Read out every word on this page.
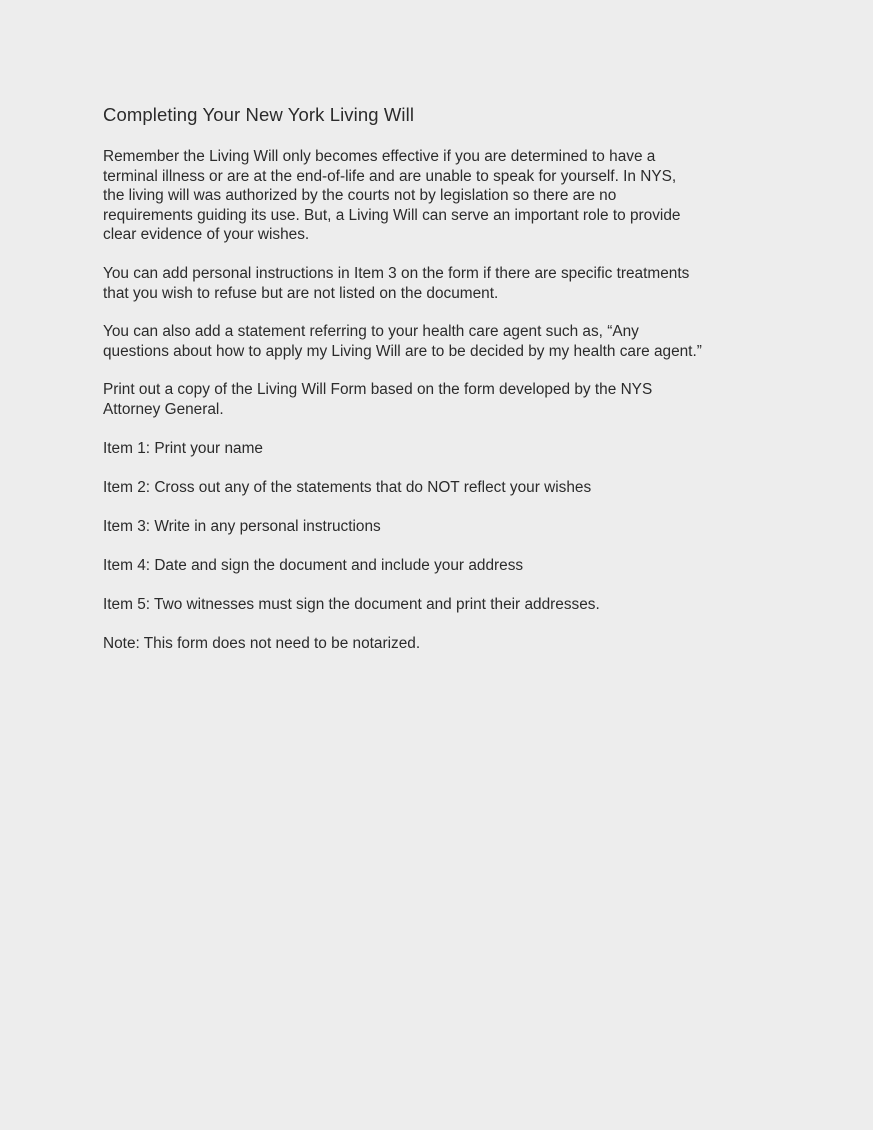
Completing Your New York Living Will
Remember the Living Will only becomes effective if you are determined to have a
terminal illness or are at the end-of-life and are unable to speak for yourself. In NYS,
the living will was authorized by the courts not by legislation so there are no
requirements guiding its use. But, a Living Will can serve an important role to provide
clear evidence of your wishes.
You can add personal instructions in Item 3 on the form if there are specific treatments
that you wish to refuse but are not listed on the document.
You can also add a statement referring to your health care agent such as, “Any
questions about how to apply my Living Will are to be decided by my health care agent.”
Print out a copy of the Living Will Form based on the form developed by the NYS
Attorney General.
Item 1: Print your name
Item 2: Cross out any of the statements that do NOT reflect your wishes
Item 3: Write in any personal instructions
Item 4: Date and sign the document and include your address
Item 5: Two witnesses must sign the document and print their addresses.
Note: This form does not need to be notarized.
